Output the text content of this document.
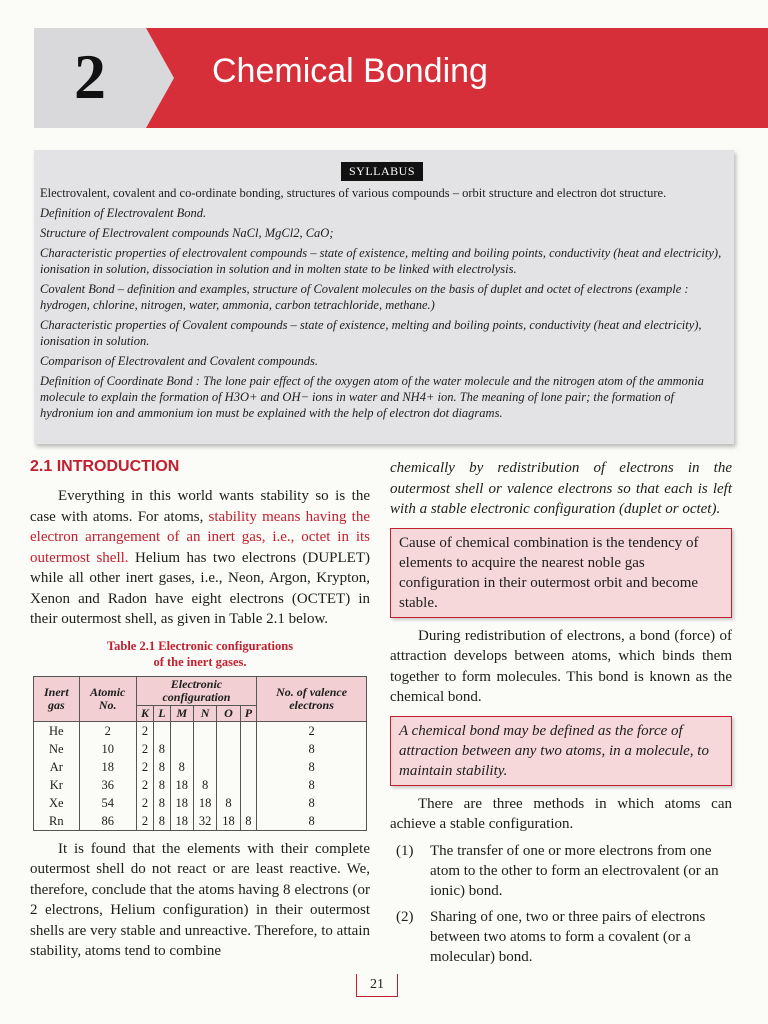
2	Chemical Bonding
SYLLABUS

Electrovalent, covalent and co-ordinate bonding, structures of various compounds – orbit structure and electron dot structure.

Definition of Electrovalent Bond.

Structure of Electrovalent compounds NaCl, MgCl2, CaO;

Characteristic properties of electrovalent compounds – state of existence, melting and boiling points, conductivity (heat and electricity), ionisation in solution, dissociation in solution and in molten state to be linked with electrolysis.

Covalent Bond – definition and examples, structure of Covalent molecules on the basis of duplet and octet of electrons (example : hydrogen, chlorine, nitrogen, water, ammonia, carbon tetrachloride, methane.)

Characteristic properties of Covalent compounds – state of existence, melting and boiling points, conductivity (heat and electricity), ionisation in solution.

Comparison of Electrovalent and Covalent compounds.

Definition of Coordinate Bond : The lone pair effect of the oxygen atom of the water molecule and the nitrogen atom of the ammonia molecule to explain the formation of H3O+ and OH− ions in water and NH4+ ion. The meaning of lone pair; the formation of hydronium ion and ammonium ion must be explained with the help of electron dot diagrams.

2.1 INTRODUCTION

Everything in this world wants stability so is the case with atoms. For atoms, stability means having the electron arrangement of an inert gas, i.e., octet in its outermost shell. Helium has two electrons (DUPLET) while all other inert gases, i.e., Neon, Argon, Krypton, Xenon and Radon have eight electrons (OCTET) in their outermost shell, as given in Table 2.1 below.

Table 2.1 Electronic configurations
of the inert gases.
Inert gas	Atomic No.	Electronic configuration						No. of valence electrons
		K	L	M	N	O	P	
He	2	2						2
Ne	10	2	8					8
Ar	18	2	8	8				8
Kr	36	2	8	18	8			8
Xe	54	2	8	18	18	8		8
Rn	86	2	8	18	32	18	8	8

It is found that the elements with their complete outermost shell do not react or are least reactive. We, therefore, conclude that the atoms having 8 electrons (or 2 electrons, Helium configuration) in their outermost shells are very stable and unreactive. Therefore, to attain stability, atoms tend to combine

chemically by redistribution of electrons in the outermost shell or valence electrons so that each is left with a stable electronic configuration (duplet or octet).

Cause of chemical combination is the tendency of elements to acquire the nearest noble gas configuration in their outermost orbit and become stable.

During redistribution of electrons, a bond (force) of attraction develops between atoms, which binds them together to form molecules. This bond is known as the chemical bond.

A chemical bond may be defined as the force of attraction between any two atoms, in a molecule, to maintain stability.

There are three methods in which atoms can achieve a stable configuration.

(1) The transfer of one or more electrons from one atom to the other to form an electrovalent (or an ionic) bond.
(2) Sharing of one, two or three pairs of electrons between two atoms to form a covalent (or a molecular) bond.
21
